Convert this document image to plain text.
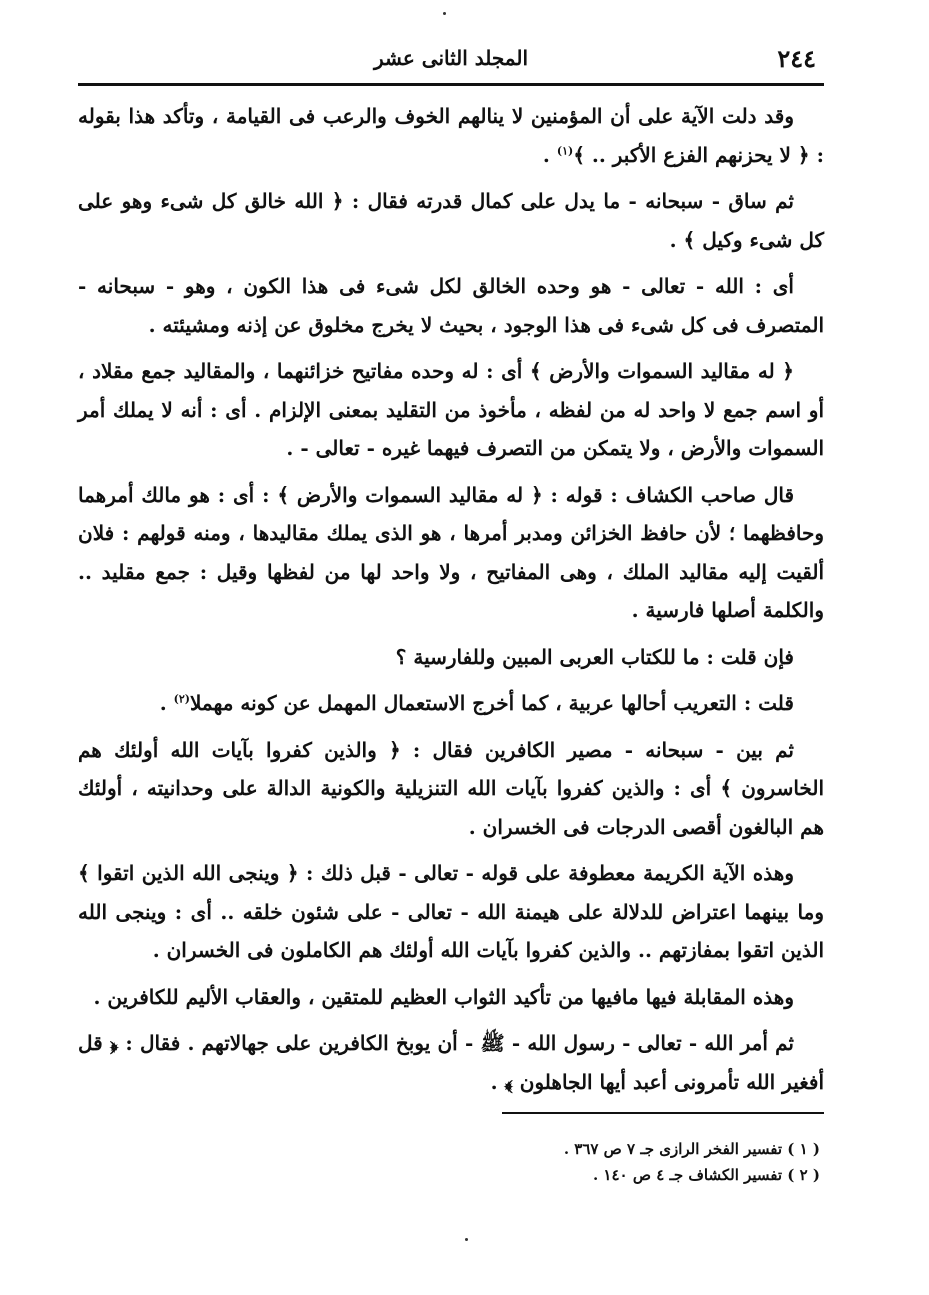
٢٤٤
المجلد الثانى عشر

وقد دلت الآية على أن المؤمنين لا ينالهم الخوف والرعب فى القيامة ، وتأكد هذا بقوله : ﴿ لا يحزنهم الفزع الأكبر .. ﴾$^{(١)}$ .

ثم ساق - سبحانه - ما يدل على كمال قدرته فقال : ﴿ الله خالق كل شىء وهو على كل شىء وكيل ﴾ .

أى : الله - تعالى - هو وحده الخالق لكل شىء فى هذا الكون ، وهو - سبحانه - المتصرف فى كل شىء فى هذا الوجود ، بحيث لا يخرج مخلوق عن إذنه ومشيئته .

﴿ له مقاليد السموات والأرض ﴾ أى : له وحده مفاتيح خزائنهما ، والمقاليد جمع مقلاد ، أو اسم جمع لا واحد له من لفظه ، مأخوذ من التقليد بمعنى الإلزام . أى : أنه لا يملك أمر السموات والأرض ، ولا يتمكن من التصرف فيهما غيره - تعالى - .

قال صاحب الكشاف : قوله : ﴿ له مقاليد السموات والأرض ﴾ : أى : هو مالك أمرهما وحافظهما ؛ لأن حافظ الخزائن ومدبر أمرها ، هو الذى يملك مقاليدها ، ومنه قولهم : فلان ألقيت إليه مقاليد الملك ، وهى المفاتيح ، ولا واحد لها من لفظها وقيل : جمع مقليد .. والكلمة أصلها فارسية .

فإن قلت : ما للكتاب العربى المبين وللفارسية ؟

قلت : التعريب أحالها عربية ، كما أخرج الاستعمال المهمل عن كونه مهملا$^{(٢)}$ .

ثم بين - سبحانه - مصير الكافرين فقال : ﴿ والذين كفروا بآيات الله أولئك هم الخاسرون ﴾ أى : والذين كفروا بآيات الله التنزيلية والكونية الدالة على وحدانيته ، أولئك هم البالغون أقصى الدرجات فى الخسران .

وهذه الآية الكريمة معطوفة على قوله - تعالى - قبل ذلك : ﴿ وينجى الله الذين اتقوا ﴾ وما بينهما اعتراض للدلالة على هيمنة الله - تعالى - على شئون خلقه .. أى : وينجى الله الذين اتقوا بمفازتهم .. والذين كفروا بآيات الله أولئك هم الكاملون فى الخسران .

وهذه المقابلة فيها مافيها من تأكيد الثواب العظيم للمتقين ، والعقاب الأليم للكافرين .

ثم أمر الله - تعالى - رسول الله - ﷺ - أن يوبخ الكافرين على جهالاتهم . فقال : ﴿ قل أفغير الله تأمرونى أعبد أيها الجاهلون ﴾ .

( ١ ) تفسير الفخر الرازى جـ ٧ ص ٣٦٧ .
( ٢ ) تفسير الكشاف جـ ٤ ص ١٤٠ .
